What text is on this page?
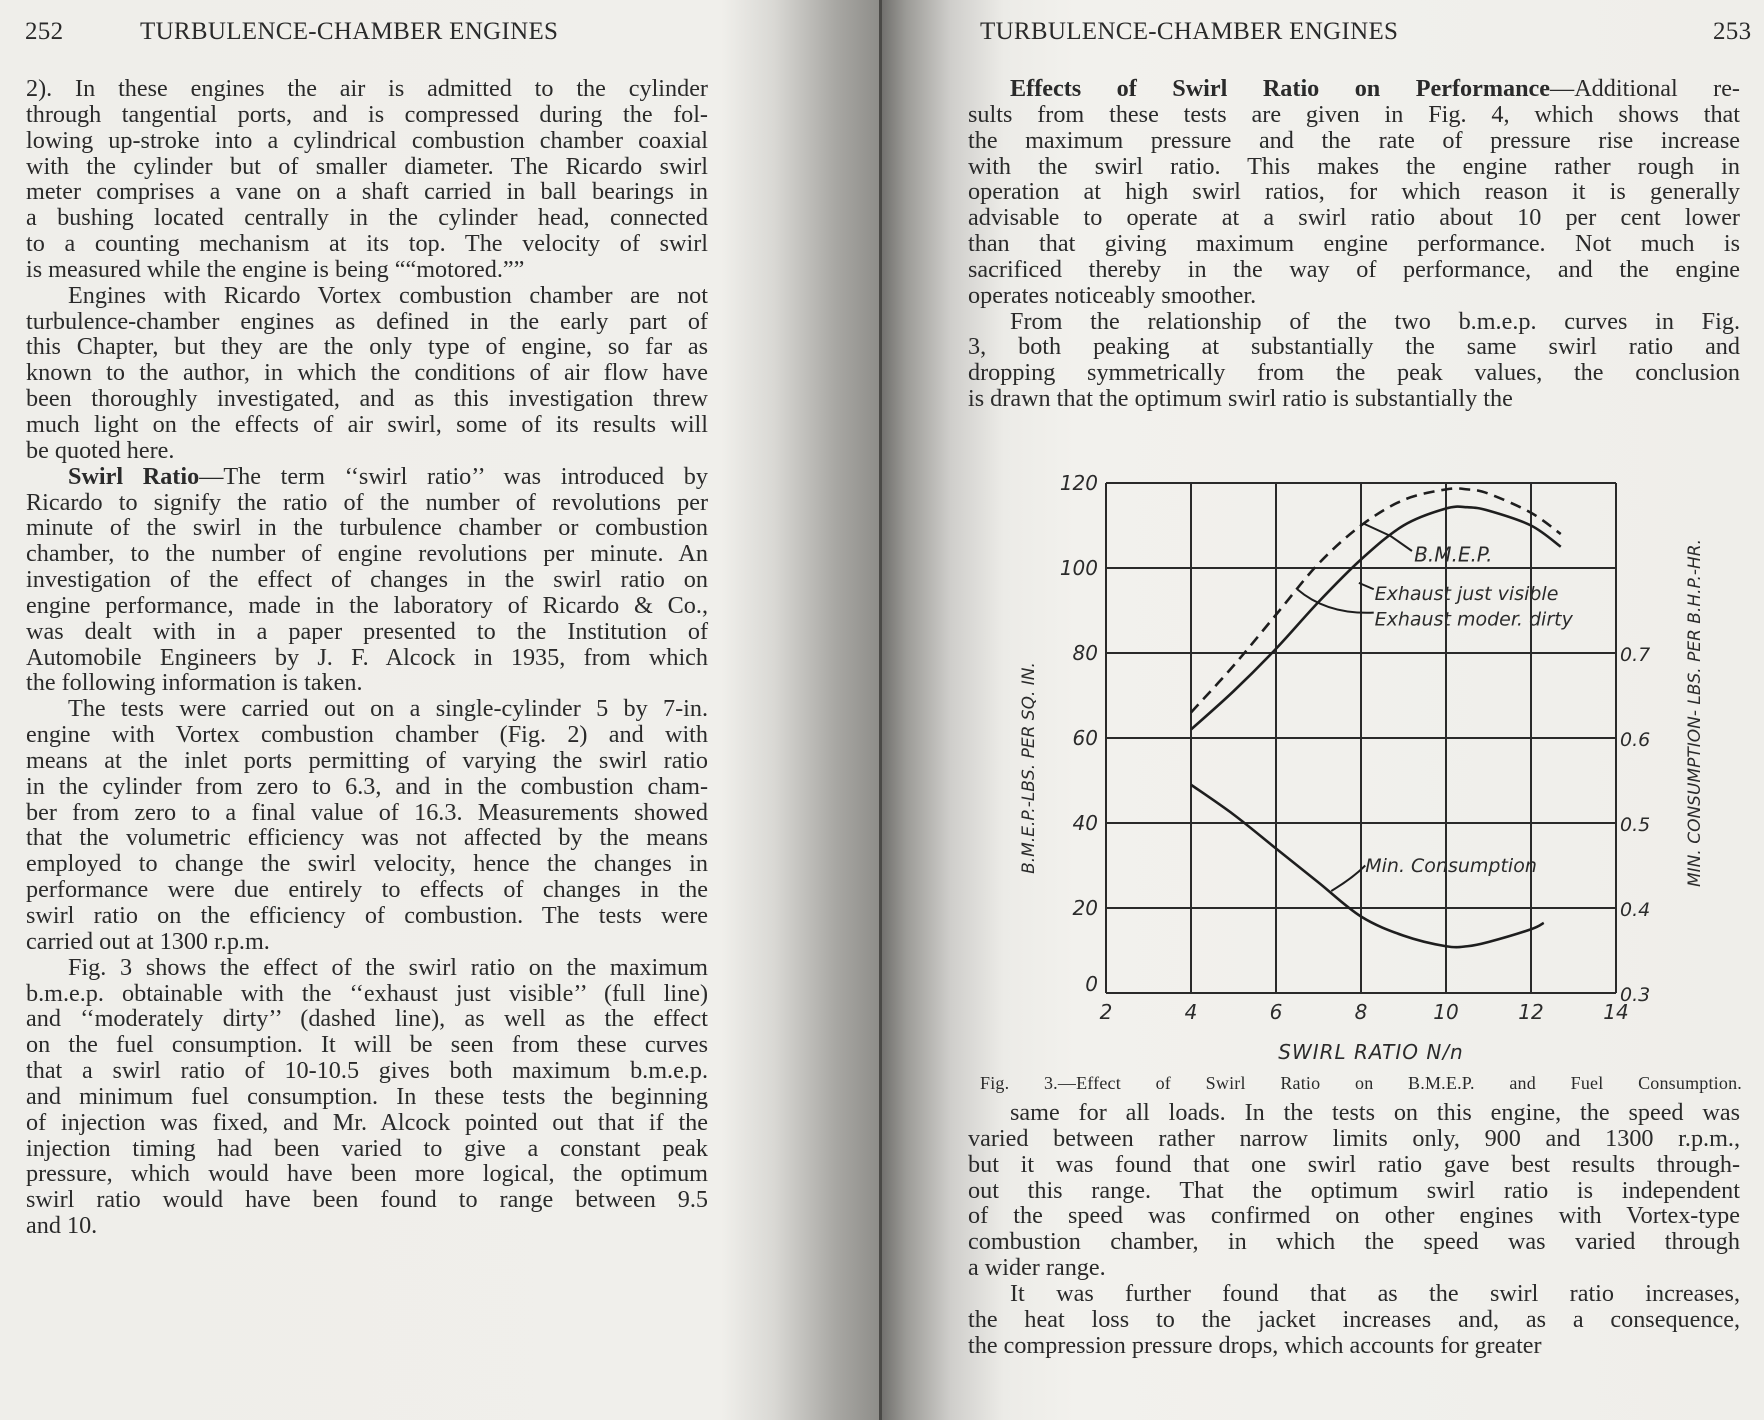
252	TURBULENCE-CHAMBER ENGINES
2). In these engines the air is admitted to the cylinder
through tangential ports, and is compressed during the fol-
lowing up-stroke into a cylindrical combustion chamber coaxial
with the cylinder but of smaller diameter. The Ricardo swirl
meter comprises a vane on a shaft carried in ball bearings in
a bushing located centrally in the cylinder head, connected
to a counting mechanism at its top. The velocity of swirl
is measured while the engine is being ““motored.””
Engines with Ricardo Vortex combustion chamber are not
turbulence-chamber engines as defined in the early part of
this Chapter, but they are the only type of engine, so far as
known to the author, in which the conditions of air flow have
been thoroughly investigated, and as this investigation threw
much light on the effects of air swirl, some of its results will
be quoted here.
Swirl Ratio—The term ‘‘swirl ratio’’ was introduced by
Ricardo to signify the ratio of the number of revolutions per
minute of the swirl in the turbulence chamber or combustion
chamber, to the number of engine revolutions per minute. An
investigation of the effect of changes in the swirl ratio on
engine performance, made in the laboratory of Ricardo & Co.,
was dealt with in a paper presented to the Institution of
Automobile Engineers by J. F. Alcock in 1935, from which
the following information is taken.
The tests were carried out on a single-cylinder 5 by 7-in.
engine with Vortex combustion chamber (Fig. 2) and with
means at the inlet ports permitting of varying the swirl ratio
in the cylinder from zero to 6.3, and in the combustion cham-
ber from zero to a final value of 16.3. Measurements showed
that the volumetric efficiency was not affected by the means
employed to change the swirl velocity, hence the changes in
performance were due entirely to effects of changes in the
swirl ratio on the efficiency of combustion. The tests were
carried out at 1300 r.p.m.
Fig. 3 shows the effect of the swirl ratio on the maximum
b.m.e.p. obtainable with the ‘‘exhaust just visible’’ (full line)
and ‘‘moderately dirty’’ (dashed line), as well as the effect
on the fuel consumption. It will be seen from these curves
that a swirl ratio of 10-10.5 gives both maximum b.m.e.p.
and minimum fuel consumption. In these tests the beginning
of injection was fixed, and Mr. Alcock pointed out that if the
injection timing had been varied to give a constant peak
pressure, which would have been more logical, the optimum
swirl ratio would have been found to range between 9.5
and 10.
TURBULENCE-CHAMBER ENGINES	253
Effects of Swirl Ratio on Performance—Additional re-
sults from these tests are given in Fig. 4, which shows that
the maximum pressure and the rate of pressure rise increase
with the swirl ratio. This makes the engine rather rough in
operation at high swirl ratios, for which reason it is generally
advisable to operate at a swirl ratio about 10 per cent lower
than that giving maximum engine performance. Not much is
sacrificed thereby in the way of performance, and the engine
operates noticeably smoother.
From the relationship of the two b.m.e.p. curves in Fig.
3, both peaking at substantially the same swirl ratio and
dropping symmetrically from the peak values, the conclusion
is drawn that the optimum swirl ratio is substantially the
2	4	6	8	10	12	14
0
20
40
60
80
100
120
0.3
0.4
0.5
0.6
0.7
SWIRL RATIO N/n
B.M.E.P.-LBS. PER SQ. IN.	MIN. CONSUMPTION- LBS. PER B.H.P.-HR.
B.M.E.P.
Exhaust just visible
Exhaust moder. dirty
Min. Consumption
Fig. 3.—Effect of Swirl Ratio on B.M.E.P. and Fuel Consumption.
same for all loads. In the tests on this engine, the speed was
varied between rather narrow limits only, 900 and 1300 r.p.m.,
but it was found that one swirl ratio gave best results through-
out this range. That the optimum swirl ratio is independent
of the speed was confirmed on other engines with Vortex-type
combustion chamber, in which the speed was varied through
a wider range.
It was further found that as the swirl ratio increases,
the heat loss to the jacket increases and, as a consequence,
the compression pressure drops, which accounts for greater
